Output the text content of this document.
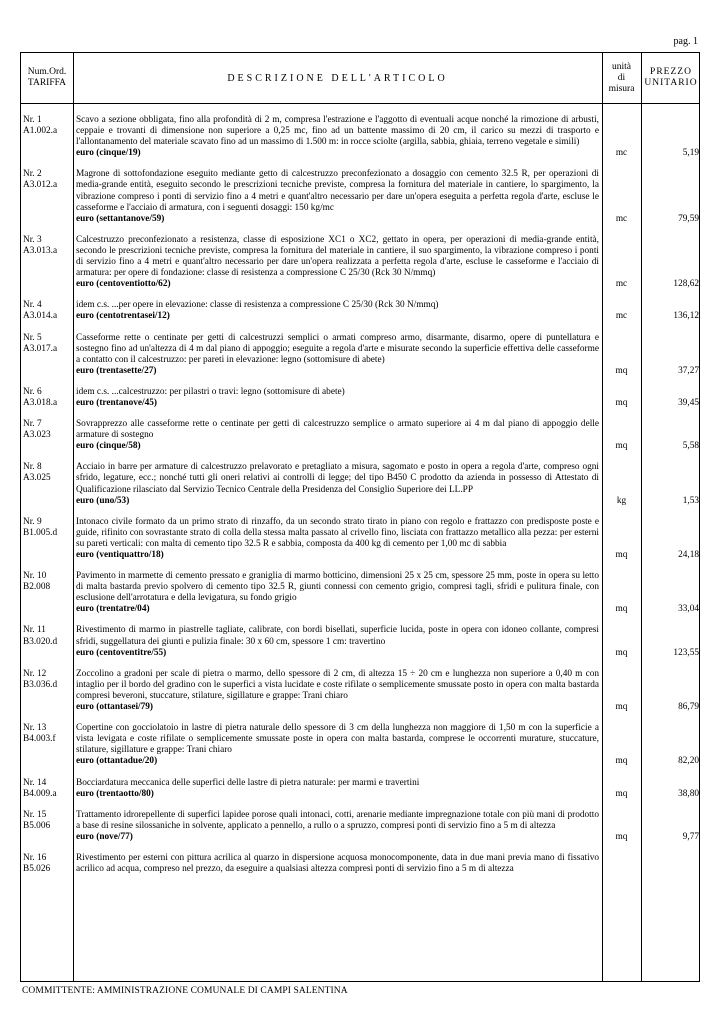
pag. 1
Num.Ord.
TARIFFA	DESCRIZIONE DELL'ARTICOLO
unità
di
misura
PREZZO
UNITARIO
Nr. 1
A1.002.a
Scavo a sezione obbligata, fino alla profondità di 2 m, compresa l'estrazione e l'aggotto di eventuali acque nonché la rimozione di arbusti, ceppaie e trovanti di dimensione non superiore a 0,25 mc, fino ad un battente massimo di 20 cm, il carico su mezzi di trasporto e l'allontanamento del materiale scavato fino ad un massimo di 1.500 m: in rocce sciolte (argilla, sabbia, ghiaia, terreno vegetale e simili)
euro (cinque/19)	mc	5,19
Nr. 2
A3.012.a
Magrone di sottofondazione eseguito mediante getto di calcestruzzo preconfezionato a dosaggio con cemento 32.5 R, per operazioni di media-grande entità, eseguito secondo le prescrizioni tecniche previste, compresa la fornitura del materiale in cantiere, lo spargimento, la vibrazione compreso i ponti di servizio fino a 4 metri e quant'altro necessario per dare un'opera eseguita a perfetta regola d'arte, escluse le casseforme e l'acciaio di armatura, con i seguenti dosaggi: 150 kg/mc
euro (settantanove/59)	mc	79,59
Nr. 3
A3.013.a
Calcestruzzo preconfezionato a resistenza, classe di esposizione XC1 o XC2, gettato in opera, per operazioni di media-grande entità, secondo le prescrizioni tecniche previste, compresa la fornitura del materiale in cantiere, il suo spargimento, la vibrazione compreso i ponti di servizio fino a 4 metri e quant'altro necessario per dare un'opera realizzata a perfetta regola d'arte, escluse le casseforme e l'acciaio di armatura: per opere di fondazione: classe di resistenza a compressione C 25/30 (Rck 30 N/mmq)
euro (centoventiotto/62)	mc	128,62
Nr. 4
A3.014.a
idem c.s. ...per opere in elevazione: classe di resistenza a compressione C 25/30 (Rck 30 N/mmq)
euro (centotrentasei/12)	mc	136,12
Nr. 5
A3.017.a
Casseforme rette o centinate per getti di calcestruzzi semplici o armati compreso armo, disarmante, disarmo, opere di puntellatura e sostegno fino ad un'altezza di 4 m dal piano di appoggio; eseguite a regola d'arte e misurate secondo la superficie effettiva delle casseforme a contatto con il calcestruzzo: per pareti in elevazione: legno (sottomisure di abete)
euro (trentasette/27)	mq	37,27
Nr. 6
A3.018.a
idem c.s. ...calcestruzzo: per pilastri o travi: legno (sottomisure di abete)
euro (trentanove/45)	mq	39,45
Nr. 7
A3.023
Sovrapprezzo alle casseforme rette o centinate per getti di calcestruzzo semplice o armato superiore ai 4 m dal piano di appoggio delle armature di sostegno
euro (cinque/58)	mq	5,58
Nr. 8
A3.025
Acciaio in barre per armature di calcestruzzo prelavorato e pretagliato a misura, sagomato e posto in opera a regola d'arte, compreso ogni sfrido, legature, ecc.; nonché tutti gli oneri relativi ai controlli di legge; del tipo B450 C prodotto da azienda in possesso di Attestato di Qualificazione rilasciato dal Servizio Tecnico Centrale della Presidenza del Consiglio Superiore dei LL.PP
euro (uno/53)	kg	1,53
Nr. 9
B1.005.d
Intonaco civile formato da un primo strato di rinzaffo, da un secondo strato tirato in piano con regolo e frattazzo con predisposte poste e guide, rifinito con sovrastante strato di colla della stessa malta passato al crivello fino, lisciata con frattazzo metallico alla pezza: per esterni su pareti verticali: con malta di cemento tipo 32.5 R e sabbia, composta da 400 kg di cemento per 1,00 mc di sabbia
euro (ventiquattro/18)	mq	24,18
Nr. 10
B2.008
Pavimento in marmette di cemento pressato e graniglia di marmo botticino, dimensioni 25 x 25 cm, spessore 25 mm, poste in opera su letto di malta bastarda previo spolvero di cemento tipo 32.5 R, giunti connessi con cemento grigio, compresi tagli, sfridi e pulitura finale, con esclusione dell'arrotatura e della levigatura, su fondo grigio
euro (trentatre/04)	mq	33,04
Nr. 11
B3.020.d
Rivestimento di marmo in piastrelle tagliate, calibrate, con bordi bisellati, superficie lucida, poste in opera con idoneo collante, compresi sfridi, suggellatura dei giunti e pulizia finale: 30 x 60 cm, spessore 1 cm: travertino
euro (centoventitre/55)	mq	123,55
Nr. 12
B3.036.d
Zoccolino a gradoni per scale di pietra o marmo, dello spessore di 2 cm, di altezza 15 ÷ 20 cm e lunghezza non superiore a 0,40 m con intaglio per il bordo del gradino con le superfici a vista lucidate e coste rifilate o semplicemente smussate posto in opera con malta bastarda compresi beveroni, stuccature, stilature, sigillature e grappe: Trani chiaro
euro (ottantasei/79)	mq	86,79
Nr. 13
B4.003.f
Copertine con gocciolatoio in lastre di pietra naturale dello spessore di 3 cm della lunghezza non maggiore di 1,50 m con la superficie a vista levigata e coste rifilate o semplicemente smussate poste in opera con malta bastarda, comprese le occorrenti murature, stuccature, stilature, sigillature e grappe: Trani chiaro
euro (ottantadue/20)	mq	82,20
Nr. 14
B4.009.a
Bocciardatura meccanica delle superfici delle lastre di pietra naturale: per marmi e travertini
euro (trentaotto/80)	mq	38,80
Nr. 15
B5.006
Trattamento idrorepellente di superfici lapidee porose quali intonaci, cotti, arenarie mediante impregnazione totale con più mani di prodotto a base di resine silossaniche in solvente, applicato a pennello, a rullo o a spruzzo, compresi ponti di servizio fino a 5 m di altezza
euro (nove/77)	mq	9,77
Nr. 16
B5.026
Rivestimento per esterni con pittura acrilica al quarzo in dispersione acquosa monocomponente, data in due mani previa mano di fissativo acrilico ad acqua, compreso nel prezzo, da eseguire a qualsiasi altezza compresi ponti di servizio fino a 5 m di altezza
COMMITTENTE: AMMINISTRAZIONE COMUNALE DI CAMPI SALENTINA
